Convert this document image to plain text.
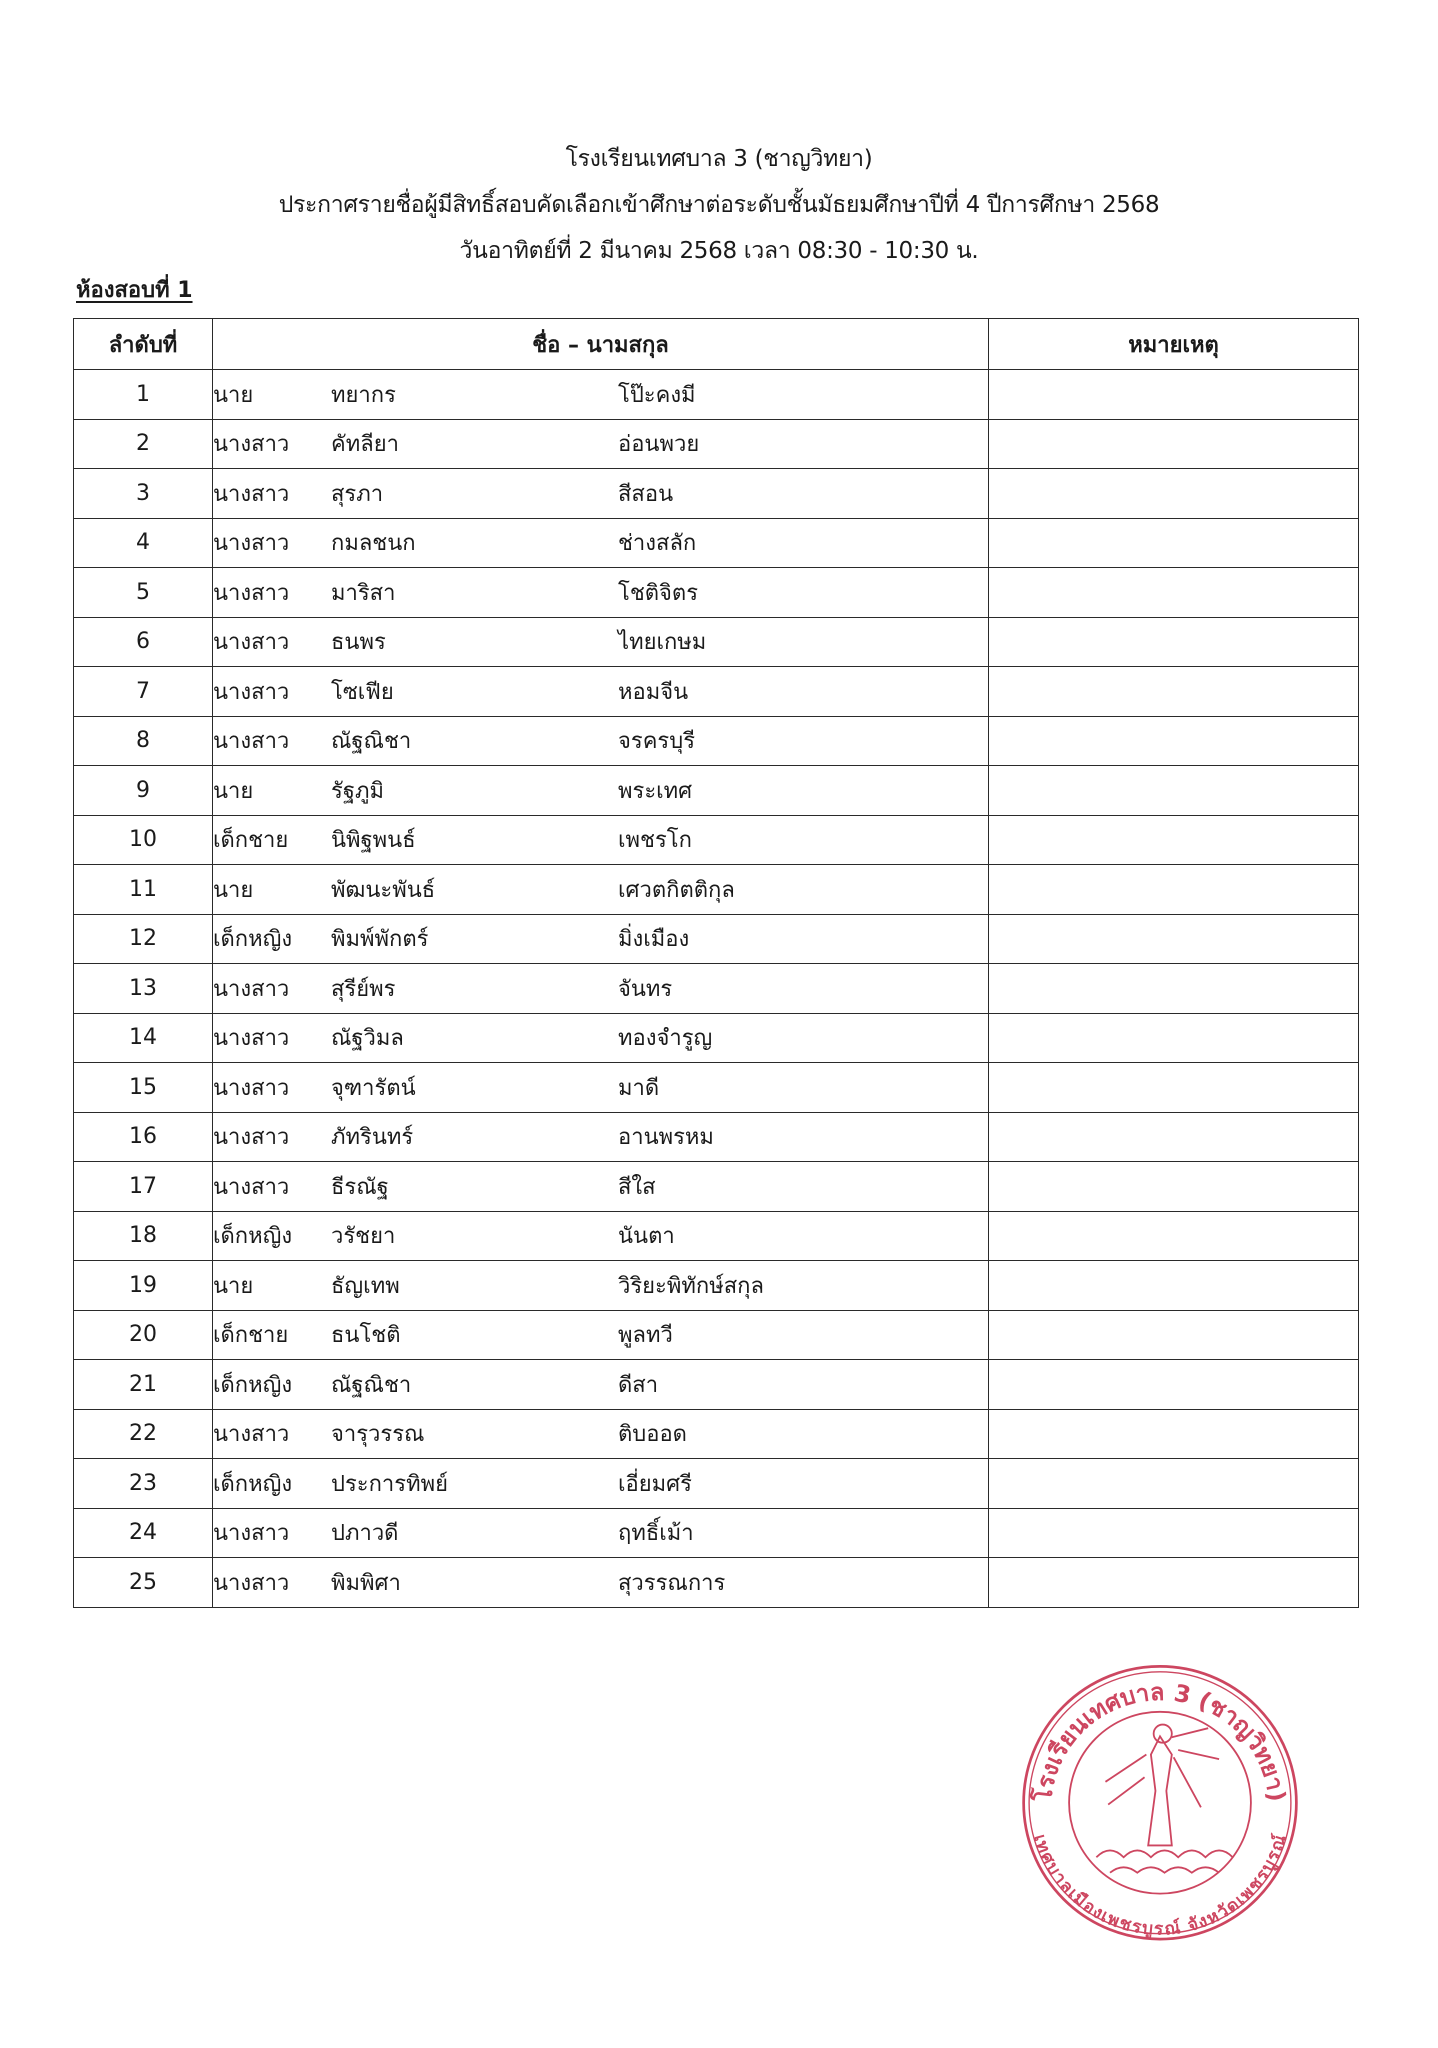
โรงเรียนเทศบาล 3 (ชาญวิทยา)
ประกาศรายชื่อผู้มีสิทธิ์สอบคัดเลือกเข้าศึกษาต่อระดับชั้นมัธยมศึกษาปีที่ 4 ปีการศึกษา 2568
วันอาทิตย์ที่ 2 มีนาคม 2568 เวลา 08:30 - 10:30 น.
ห้องสอบที่ 1
ลำดับที่	ชื่อ – นามสกุล	หมายเหตุ
1	นาย ทยากร โป๊ะคงมี	

2	นางสาว คัทลียา อ่อนพวย	

3	นางสาว สุรภา สีสอน	

4	นางสาว กมลชนก ช่างสลัก	

5	นางสาว มาริสา โชติจิตร	

6	นางสาว ธนพร ไทยเกษม	

7	นางสาว โซเฟีย หอมจีน	

8	นางสาว ณัฐณิชา จรครบุรี	

9	นาย รัฐภูมิ พระเทศ	

10	เด็กชาย นิพิฐพนธ์ เพชรโก	

11	นาย พัฒนะพันธ์ เศวตกิตติกุล	

12	เด็กหญิง พิมพ์พักตร์ มิ่งเมือง	

13	นางสาว สุรีย์พร จันทร	

14	นางสาว ณัฐวิมล ทองจำรูญ	

15	นางสาว จุฑารัตน์ มาดี	

16	นางสาว ภัทรินทร์ อานพรหม	

17	นางสาว ธีรณัฐ สีใส	

18	เด็กหญิง วรัชยา นันตา	

19	นาย ธัญเทพ วิริยะพิทักษ์สกุล	

20	เด็กชาย ธนโชติ พูลทวี	

21	เด็กหญิง ณัฐณิชา ดีสา	

22	นางสาว จารุวรรณ ติบออด	

23	เด็กหญิง ประการทิพย์ เอี่ยมศรี	

24	นางสาว ปภาวดี ฤทธิ์เม้า	

25	นางสาว พิมพิศา สุวรรณการ	

โรงเรียนเทศบาล 3 (ชาญวิทยา)
เทศบาลเมืองเพชรบูรณ์ จังหวัดเพชรบูรณ์
